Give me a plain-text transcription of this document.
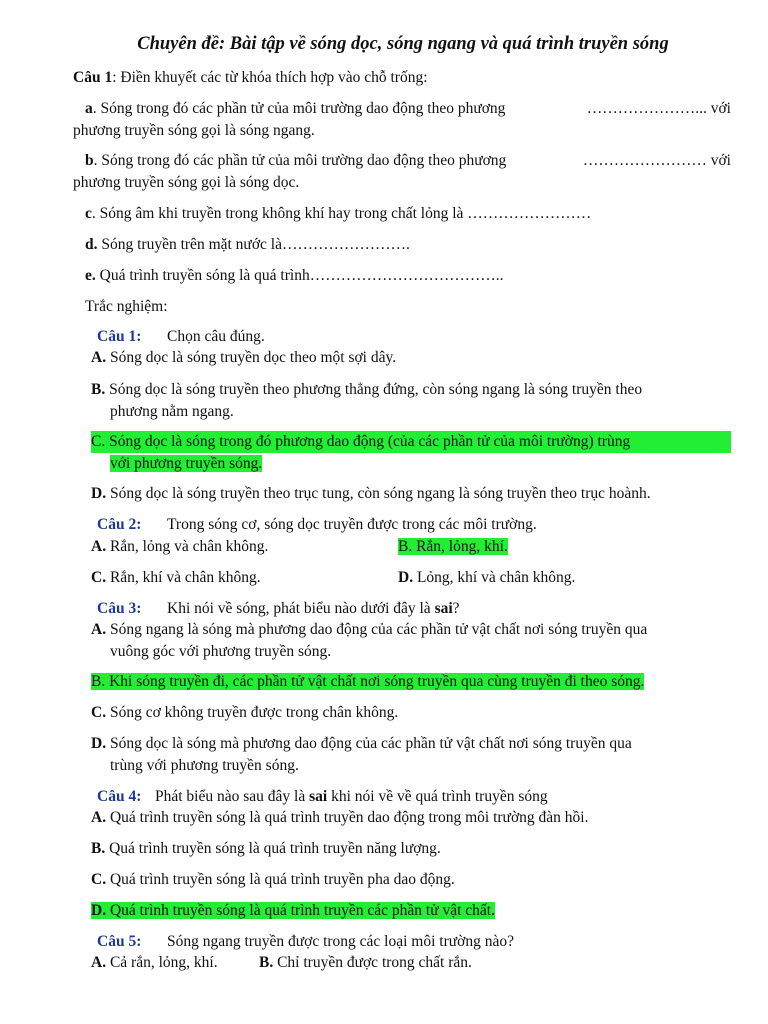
Chuyên đề: Bài tập về sóng dọc, sóng ngang và quá trình truyền sóng
Câu 1: Điền khuyết các từ khóa thích hợp vào chỗ trống:
a. Sóng trong đó các phần tử của môi trường dao động theo phương	…………………... với
phương truyền sóng gọi là sóng ngang.
b. Sóng trong đó các phần tử của môi trường dao động theo phương	…………………… với
phương truyền sóng gọi là sóng dọc.
c. Sóng âm khi truyền trong không khí hay trong chất lỏng là ……………………
d. Sóng truyền trên mặt nước là…………………….
e. Quá trình truyền sóng là quá trình………………………………..
Trắc nghiệm:
Câu 1: Chọn câu đúng.
A. Sóng dọc là sóng truyền dọc theo một sợi dây.
B. Sóng dọc là sóng truyền theo phương thẳng đứng, còn sóng ngang là sóng truyền theo
phương nằm ngang.
C. Sóng dọc là sóng trong đó phương dao động (của các phần tử của môi trường) trùng
với phương truyền sóng.
D. Sóng dọc là sóng truyền theo trục tung, còn sóng ngang là sóng truyền theo trục hoành.
Câu 2: Trong sóng cơ, sóng dọc truyền được trong các môi trường.
A. Rắn, lỏng và chân không.	B. Rắn, lỏng, khí.
C. Rắn, khí và chân không.	D. Lỏng, khí và chân không.
Câu 3: Khi nói về sóng, phát biểu nào dưới đây là sai?
A. Sóng ngang là sóng mà phương dao động của các phần tử vật chất nơi sóng truyền qua
vuông góc với phương truyền sóng.
B. Khi sóng truyền đi, các phần tử vật chất nơi sóng truyền qua cùng truyền đi theo sóng.
C. Sóng cơ không truyền được trong chân không.
D. Sóng dọc là sóng mà phương dao động của các phần tử vật chất nơi sóng truyền qua
trùng với phương truyền sóng.
Câu 4: Phát biểu nào sau đây là sai khi nói về về quá trình truyền sóng
A. Quá trình truyền sóng là quá trình truyền dao động trong môi trường đàn hồi.
B. Quá trình truyền sóng là quá trình truyền năng lượng.
C. Quá trình truyền sóng là quá trình truyền pha dao động.
D. Quá trình truyền sóng là quá trình truyền các phần tử vật chất.
Câu 5: Sóng ngang truyền được trong các loại môi trường nào?
A. Cả rắn, lỏng, khí.	B. Chỉ truyền được trong chất rắn.
